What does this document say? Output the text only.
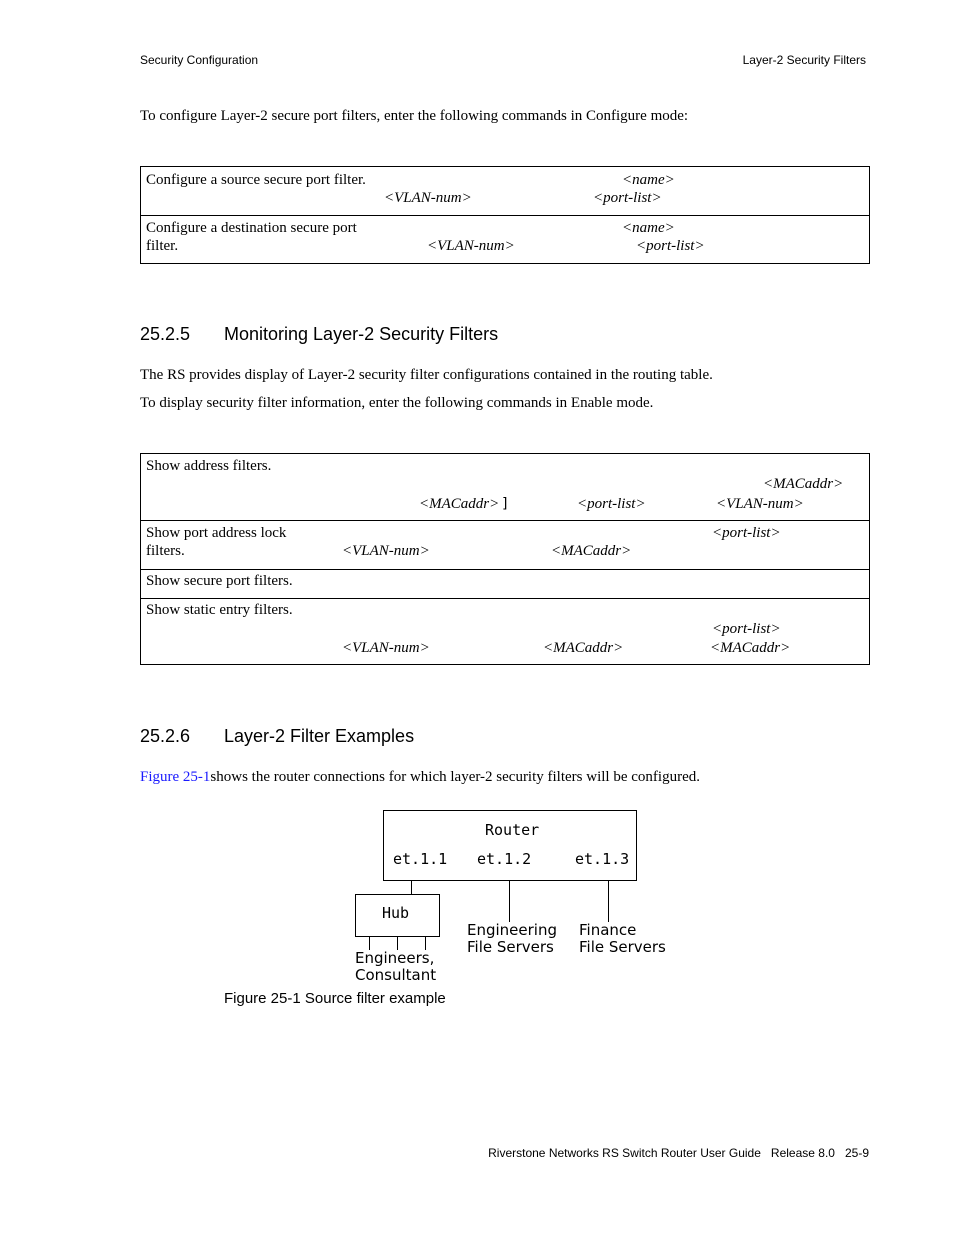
Security Configuration	Layer-2 Security Filters
To configure Layer-2 secure port filters, enter the following commands in Configure mode:
Configure a source secure port filter.	<name>
<VLAN-num>	<port-list>

Configure a destination secure port
filter.
<name>
<VLAN-num>	<port-list>
25.2.5 Monitoring Layer-2 Security Filters
The RS provides display of Layer-2 security filter configurations contained in the routing table.
To display security filter information, enter the following commands in Enable mode.
Show address filters.
<MACaddr>
<MACaddr> ]	<port-list>	<VLAN-num>

Show port address lock
filters.
<port-list>
<VLAN-num>	<MACaddr>

Show secure port filters.

Show static entry filters.
<port-list>
<VLAN-num>	<MACaddr>	<MACaddr>
25.2.6 Layer-2 Filter Examples
Figure 25-1shows the router connections for which layer-2 security filters will be configured.
Router
et.1.1 et.1.2	et.1.3
Hub
Engineers,
Consultant
Engineering
File Servers
Finance
File Servers
Figure 25-1 Source filter example
Riverstone Networks RS Switch Router User Guide Release 8.0 25-9
